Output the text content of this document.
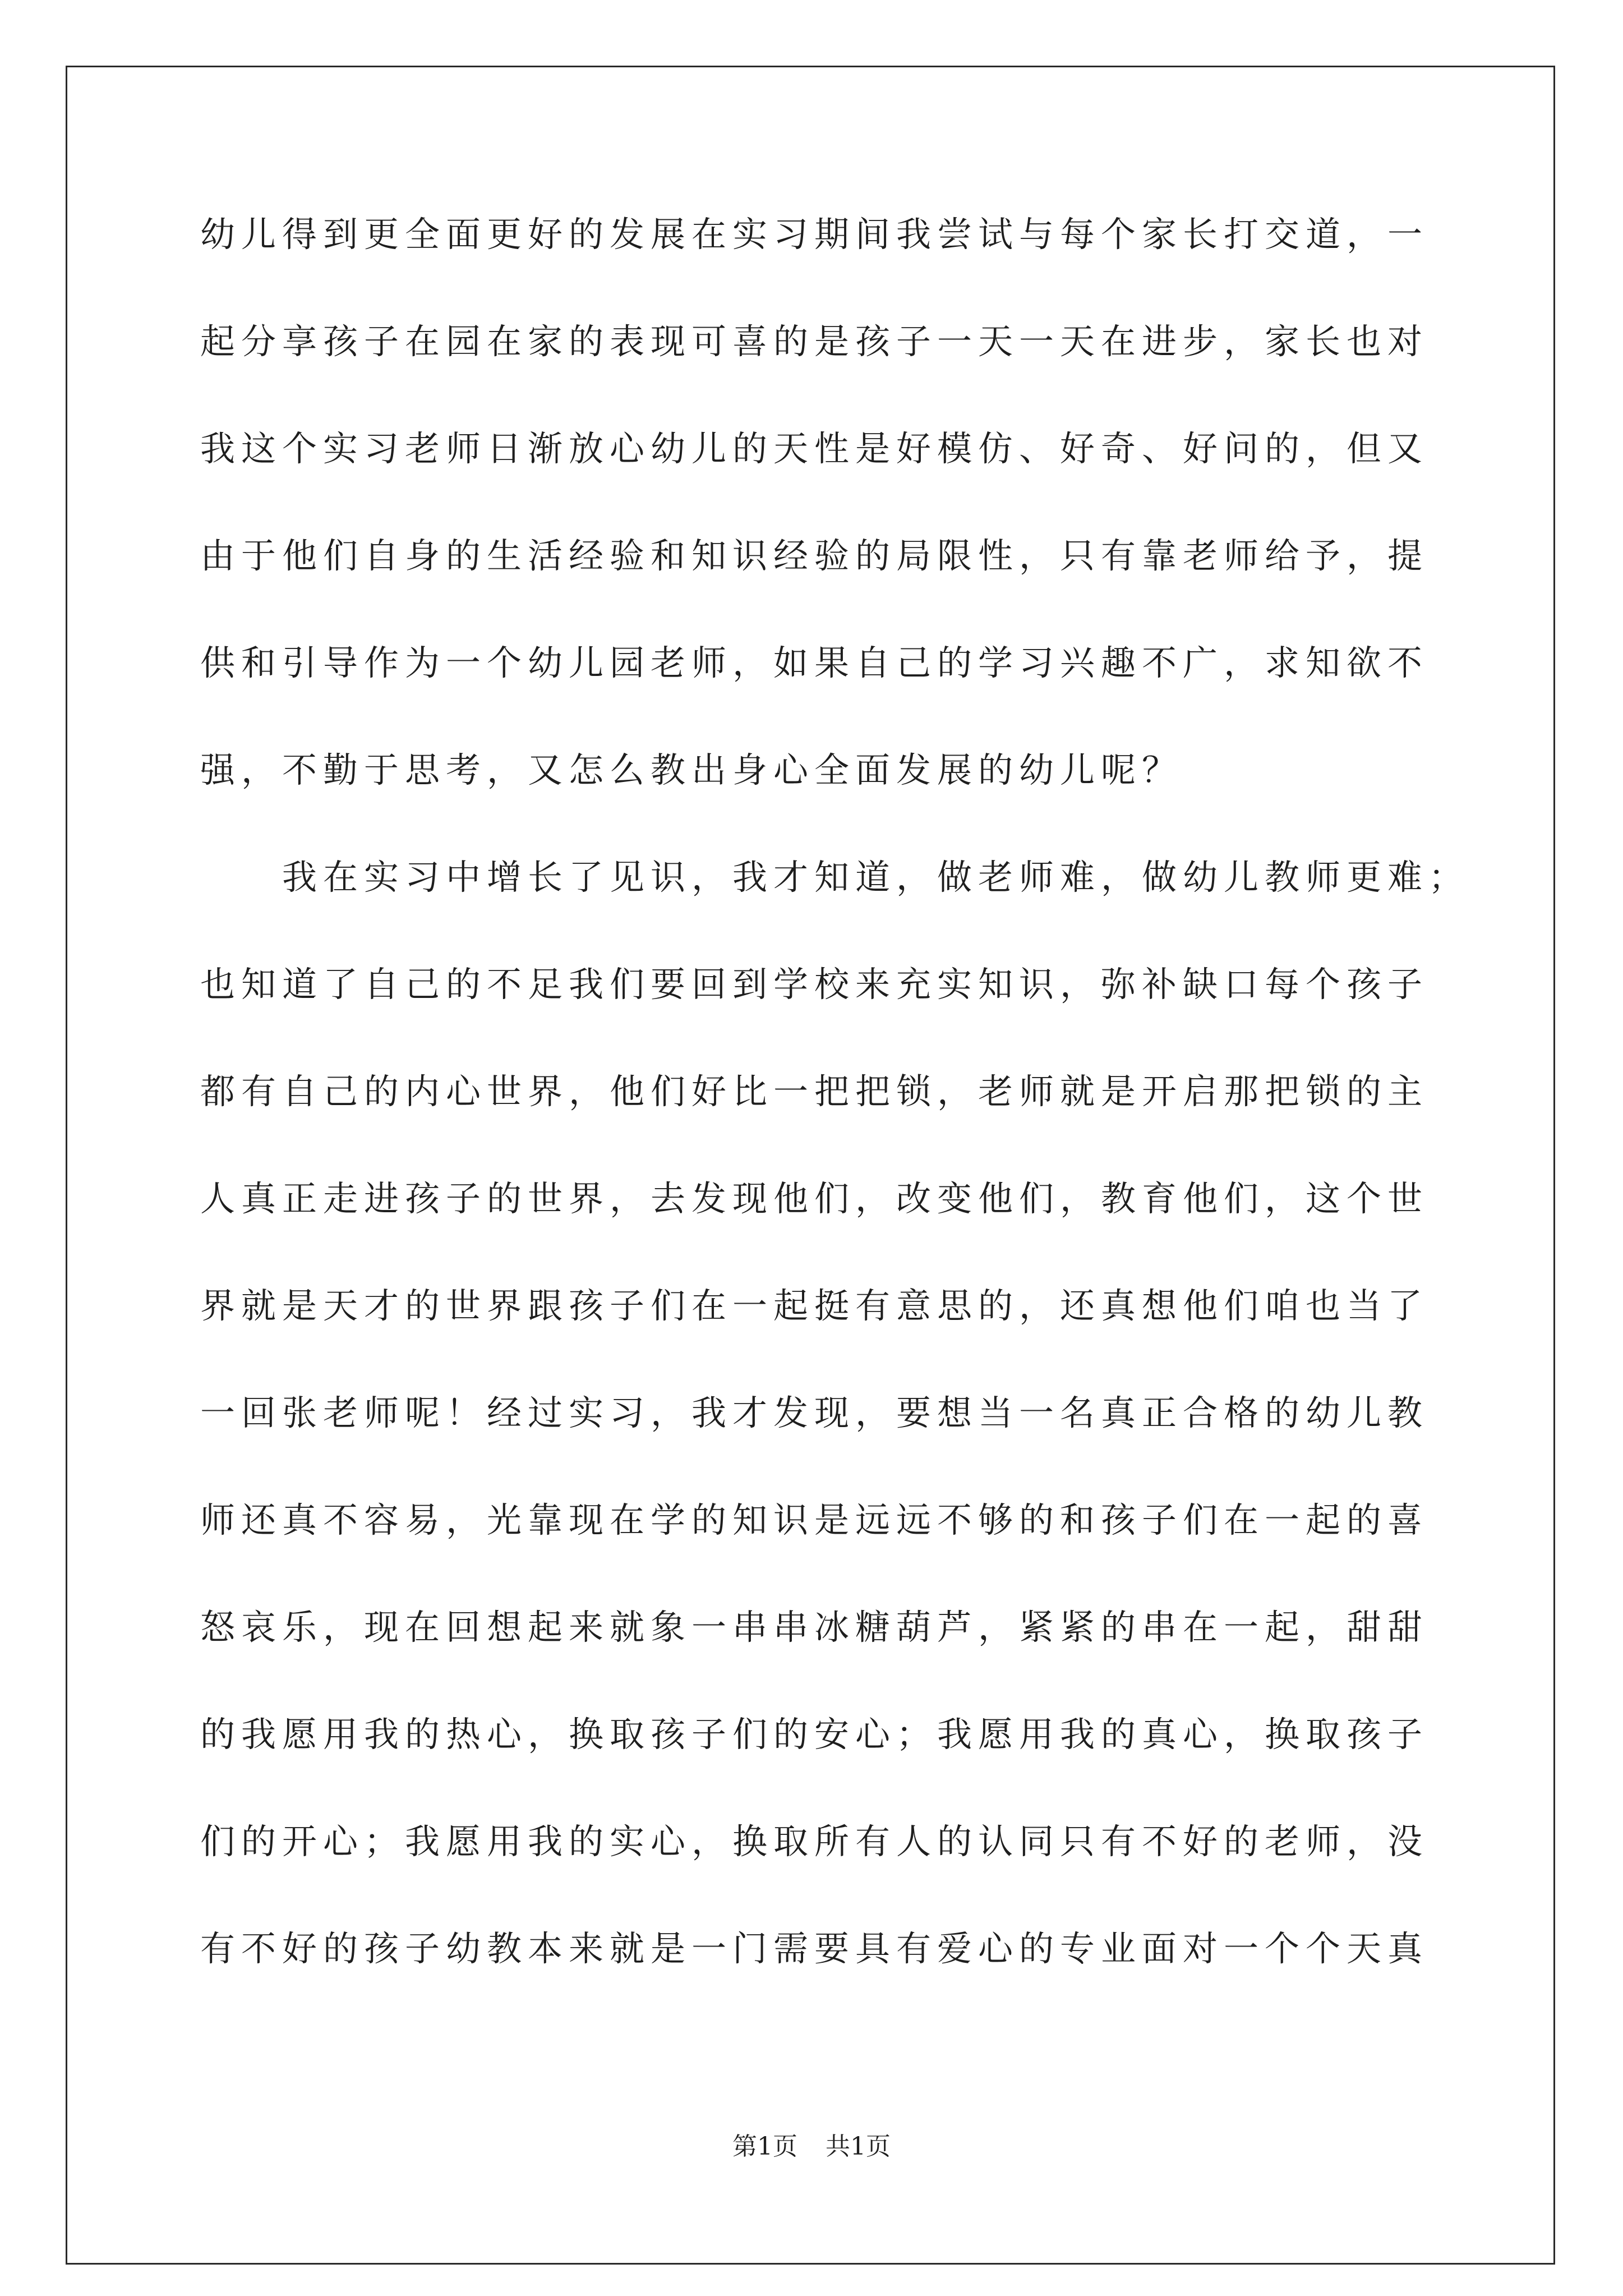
幼儿得到更全面更好的发展在实习期间我尝试与每个家长打交道，一
起分享孩子在园在家的表现可喜的是孩子一天一天在进步，家长也对
我这个实习老师日渐放心幼儿的天性是好模仿、好奇、好问的，但又
由于他们自身的生活经验和知识经验的局限性，只有靠老师给予，提
供和引导作为一个幼儿园老师，如果自己的学习兴趣不广，求知欲不
强，不勤于思考，又怎么教出身心全面发展的幼儿呢？
我在实习中增长了见识，我才知道，做老师难，做幼儿教师更难；
也知道了自己的不足我们要回到学校来充实知识，弥补缺口每个孩子
都有自己的内心世界，他们好比一把把锁，老师就是开启那把锁的主
人真正走进孩子的世界，去发现他们，改变他们，教育他们，这个世
界就是天才的世界跟孩子们在一起挺有意思的，还真想他们咱也当了
一回张老师呢！经过实习，我才发现，要想当一名真正合格的幼儿教
师还真不容易，光靠现在学的知识是远远不够的和孩子们在一起的喜
怒哀乐，现在回想起来就象一串串冰糖葫芦，紧紧的串在一起，甜甜
的我愿用我的热心，换取孩子们的安心；我愿用我的真心，换取孩子
们的开心；我愿用我的实心，换取所有人的认同只有不好的老师，没
有不好的孩子幼教本来就是一门需要具有爱心的专业面对一个个天真
第1页 共1页
